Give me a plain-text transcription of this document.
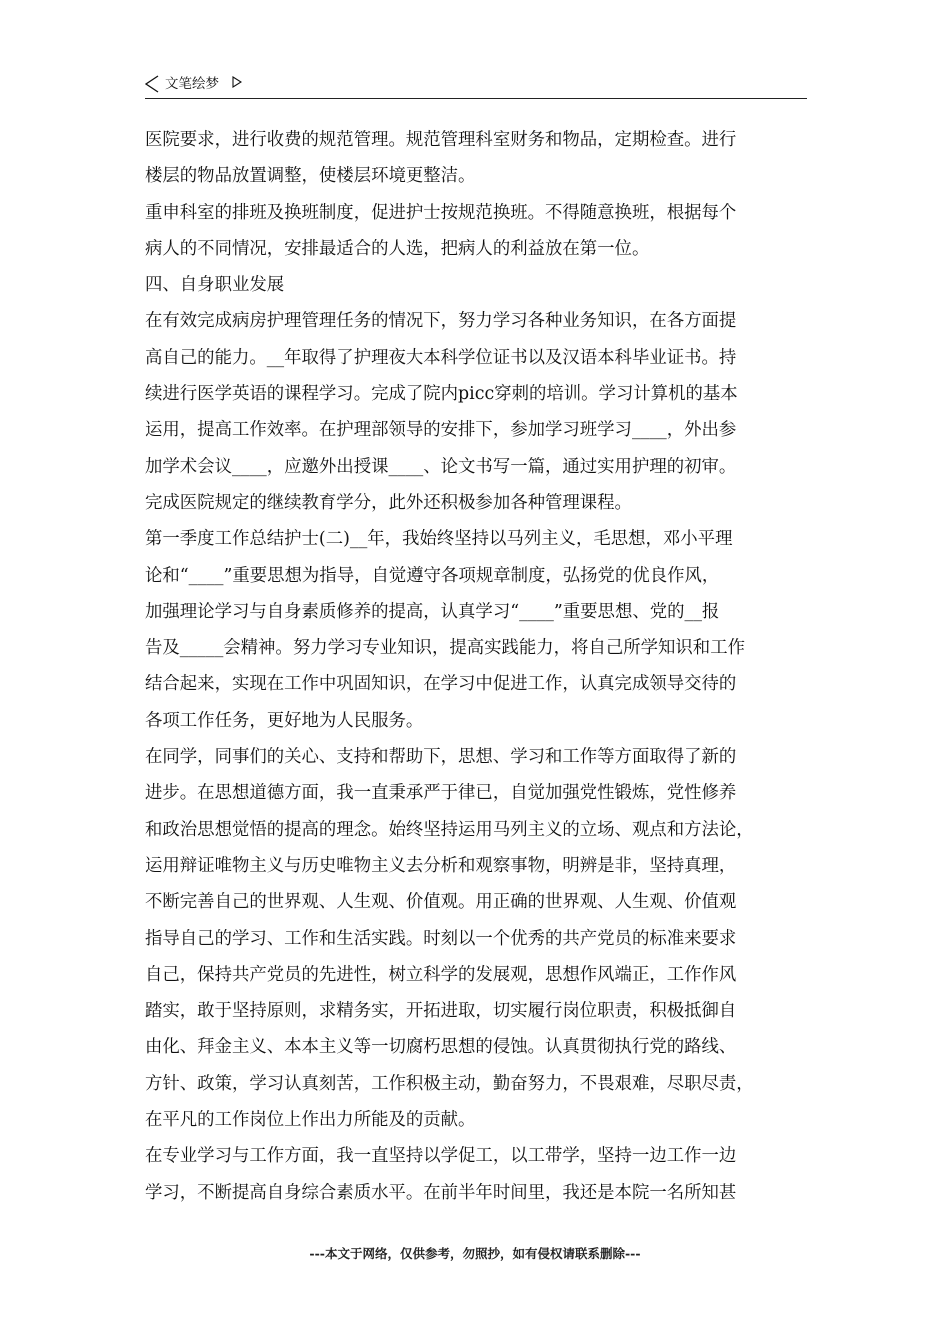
文笔绘梦
医院要求，进行收费的规范管理。规范管理科室财务和物品，定期检查。进行
楼层的物品放置调整，使楼层环境更整洁。
重申科室的排班及换班制度，促进护士按规范换班。不得随意换班，根据每个
病人的不同情况，安排最适合的人选，把病人的利益放在第一位。
四、自身职业发展
在有效完成病房护理管理任务的情况下，努力学习各种业务知识，在各方面提
高自己的能力。__年取得了护理夜大本科学位证书以及汉语本科毕业证书。持
续进行医学英语的课程学习。完成了院内picc穿刺的培训。学习计算机的基本
运用，提高工作效率。在护理部领导的安排下，参加学习班学习____，外出参
加学术会议____，应邀外出授课____、论文书写一篇，通过实用护理的初审。
完成医院规定的继续教育学分，此外还积极参加各种管理课程。
第一季度工作总结护士(二)__年，我始终坚持以马列主义，毛思想，邓小平理
论和“____”重要思想为指导，自觉遵守各项规章制度，弘扬党的优良作风，
加强理论学习与自身素质修养的提高，认真学习“____”重要思想、党的__报
告及_____会精神。努力学习专业知识，提高实践能力，将自己所学知识和工作
结合起来，实现在工作中巩固知识，在学习中促进工作，认真完成领导交待的
各项工作任务，更好地为人民服务。
在同学，同事们的关心、支持和帮助下，思想、学习和工作等方面取得了新的
进步。在思想道德方面，我一直秉承严于律已，自觉加强党性锻炼，党性修养
和政治思想觉悟的提高的理念。始终坚持运用马列主义的立场、观点和方法论，
运用辩证唯物主义与历史唯物主义去分析和观察事物，明辨是非，坚持真理，
不断完善自己的世界观、人生观、价值观。用正确的世界观、人生观、价值观
指导自己的学习、工作和生活实践。时刻以一个优秀的共产党员的标准来要求
自己，保持共产党员的先进性，树立科学的发展观，思想作风端正，工作作风
踏实，敢于坚持原则，求精务实，开拓进取，切实履行岗位职责，积极抵御自
由化、拜金主义、本本主义等一切腐朽思想的侵蚀。认真贯彻执行党的路线、
方针、政策，学习认真刻苦，工作积极主动，勤奋努力，不畏艰难，尽职尽责，
在平凡的工作岗位上作出力所能及的贡献。
在专业学习与工作方面，我一直坚持以学促工，以工带学，坚持一边工作一边
学习，不断提高自身综合素质水平。在前半年时间里，我还是本院一名所知甚
---本文于网络，仅供参考，勿照抄，如有侵权请联系删除---
